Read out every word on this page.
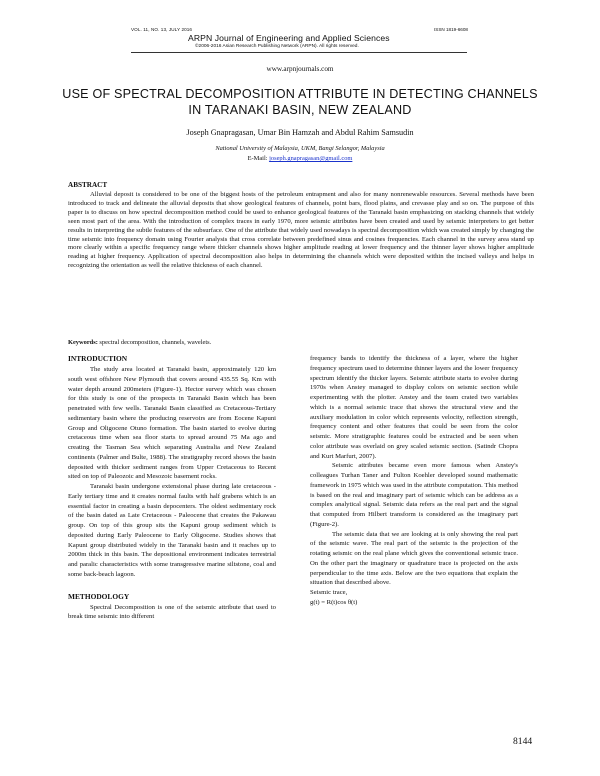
VOL. 11, NO. 13, JULY 2016	ISSN 1819-6608
ARPN Journal of Engineering and Applied Sciences
©2006-2016 Asian Research Publishing Network (ARPN). All rights reserved.
www.arpnjournals.com
USE OF SPECTRAL DECOMPOSITION ATTRIBUTE IN DETECTING CHANNELS IN TARANAKI BASIN, NEW ZEALAND
Joseph Gnapragasan, Umar Bin Hamzah and Abdul Rahim Samsudin
National University of Malaysia, UKM, Bangi Selangor, Malaysia
E-Mail: joseph.gnapragasan@gmail.com
ABSTRACT

Alluvial deposit is considered to be one of the biggest hosts of the petroleum entrapment and also for many nonrenewable resources. Several methods have been introduced to track and delineate the alluvial deposits that show geological features of channels, point bars, flood plains, and crevasse play and so on. The purpose of this paper is to discuss on how spectral decomposition method could be used to enhance geological features of the Taranaki basin emphasizing on stacking channels that widely seen most part of the area. With the introduction of complex traces in early 1970, more seismic attributes have been created and used by seismic interpreters to get better results in interpreting the subtle features of the subsurface. One of the attribute that widely used nowadays is spectral decomposition which was created simply by changing the time seismic into frequency domain using Fourier analysis that cross correlate between predefined sinus and cosines frequencies. Each channel in the survey area stand up more clearly within a specific frequency range where thicker channels shows higher amplitude reading at lower frequency and the thinner layer shows higher amplitude reading at higher frequency. Application of spectral decomposition also helps in determining the channels which were deposited within the incised valleys and helps in recognizing the orientation as well the relative thickness of each channel.

Keywords: spectral decomposition, channels, wavelets.
INTRODUCTION

The study area located at Taranaki basin, approximately 120 km south west offshore New Plymouth that covers around 435.55 Sq. Km with water depth around 200meters (Figure-1). Hector survey which was chosen for this study is one of the prospects in Taranaki Basin which has been penetrated with few wells. Taranaki Basin classified as Cretaceous-Tertiary sedimentary basin where the producing reservoirs are from Eocene Kapuni Group and Oligocene Otuno formation. The basin started to evolve during cretaceous time when sea floor starts to spread around 75 Ma ago and creating the Tasman Sea which separating Australia and New Zealand continents (Palmer and Bulte, 1988). The stratigraphy record shows the basin deposited with thicker sediment ranges from Upper Cretaceous to Recent sited on top of Paleozoic and Mesozoic basement rocks.

Taranaki basin undergone extensional phase during late cretaceous - Early tertiary time and it creates normal faults with half grabens which is an essential factor in creating a basin depocenters. The oldest sedimentary rock of the basin dated as Late Cretaceous - Paleocene that creates the Pakawau group. On top of this group sits the Kapuni group sediment which is deposited during Early Paleocene to Early Oligocene. Studies shows that Kapuni group distributed widely in the Taranaki basin and it reaches up to 2000m thick in this basin. The depositional environment indicates terrestrial and paralic characteristics with some transgressive marine siltstone, coal and some back-beach lagoon.

METHODOLOGY

Spectral Decomposition is one of the seismic attribute that used to break time seismic into different

frequency bands to identify the thickness of a layer, where the higher frequency spectrum used to determine thinner layers and the lower frequency spectrum identify the thicker layers. Seismic attribute starts to evolve during 1970s when Anstey managed to display colors on seismic section while experimenting with the plotter. Anstey and the team crated two variables which is a normal seismic trace that shows the structural view and the auxiliary modulation in color which represents velocity, reflection strength, frequency content and other features that could be seen from the color seismic. More stratigraphic features could be extracted and be seen when color attribute was overlaid on grey scaled seismic section. (Satindr Chopra and Kurt Marfurt, 2007).

Seismic attributes became even more famous when Anstey's colleagues Turhan Taner and Fulton Koehler developed sound mathematic framework in 1975 which was used in the attribute computation. This method is based on the real and imaginary part of seismic which can be address as a complex analytical signal. Seismic data refers as the real part and the signal that computed from Hilbert transform is considered as the imaginary part (Figure-2).

The seismic data that we are looking at is only showing the real part of the seismic wave. The real part of the seismic is the projection of the rotating seismic on the real plane which gives the conventional seismic trace. On the other part the imaginary or quadrature trace is projected on the axis perpendicular to the time axis. Below are the two equations that explain the situation that described above.

Seismic trace,

g(t) = R(t)cos θ(t)

8144
